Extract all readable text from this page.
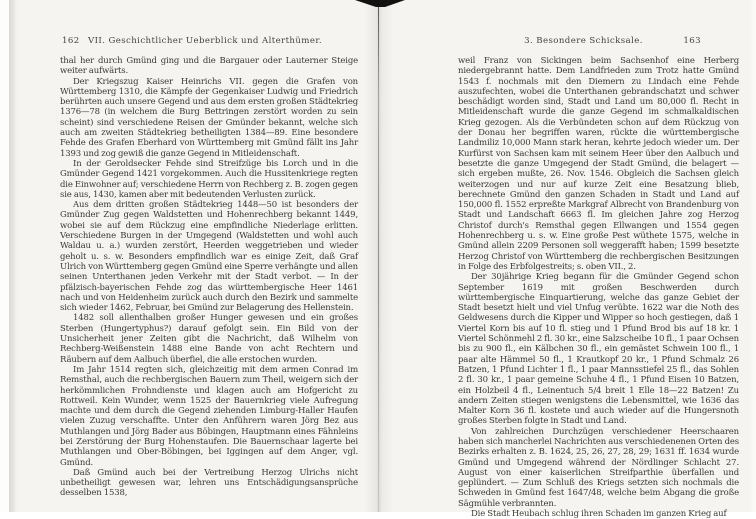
162 VII. Geschichtlicher Ueberblick und Alterthümer.

thal her durch Gmünd ging und die Bargauer oder Lauterner Steige weiter aufwärts.

Der Kriegszug Kaiser Heinrichs VII. gegen die Grafen von Württemberg 1310, die Kämpfe der Gegenkaiser Ludwig und Friedrich berührten auch unsere Gegend und aus dem ersten großen Städtekrieg 1376—78 (in welchem die Burg Bettringen zerstört worden zu sein scheint) sind verschiedene Reisen der Gmünder bekannt, welche sich auch am zweiten Städtekrieg betheiligten 1384—89. Eine besondere Fehde des Grafen Eberhard von Württemberg mit Gmünd fällt ins Jahr 1393 und zog gewiß die ganze Gegend in Mitleidenschaft.

In der Geroldsecker Fehde sind Streifzüge bis Lorch und in die Gmünder Gegend 1421 vorgekommen. Auch die Hussitenkriege regten die Einwohner auf; verschiedene Herrn von Rechberg z. B. zogen gegen sie aus, 1430, kamen aber mit bedeutenden Verlusten zurück.

Aus dem dritten großen Städtekrieg 1448—50 ist besonders der Gmünder Zug gegen Waldstetten und Hohenrechberg bekannt 1449, wobei sie auf dem Rückzug eine empfindliche Niederlage erlitten. Verschiedene Burgen in der Umgegend (Waldstetten und wohl auch Waldau u. a.) wurden zerstört, Heerden weggetrieben und wieder geholt u. s. w. Besonders empfindlich war es einige Zeit, daß Graf Ulrich von Württemberg gegen Gmünd eine Sperre verhängte und allen seinen Unterthanen jeden Verkehr mit der Stadt verbot. — In der pfälzisch-bayerischen Fehde zog das württembergische Heer 1461 nach und von Heidenheim zurück auch durch den Bezirk und sammelte sich wieder 1462, Februar, bei Gmünd zur Belagerung des Hellenstein.

1482 soll allenthalben großer Hunger gewesen und ein großes Sterben (Hungertyphus?) darauf gefolgt sein. Ein Bild von der Unsicherheit jener Zeiten gibt die Nachricht, daß Wilhelm von Rechberg-Weißenstein 1488 eine Bande von acht Rechtern und Räubern auf dem Aalbuch überfiel, die alle erstochen wurden.

Im Jahr 1514 regten sich, gleichzeitig mit dem armen Conrad im Remsthal, auch die rechbergischen Bauern zum Theil, weigern sich der herkömmlichen Frohndienste und klagen auch am Hofgericht zu Rottweil. Kein Wunder, wenn 1525 der Bauernkrieg viele Aufregung machte und dem durch die Gegend ziehenden Limburg-Haller Haufen vielen Zuzug verschaffte. Unter den Anführern waren Jörg Bez aus Muthlangen und Jörg Bader aus Böbingen, Hauptmann eines Fähnleins bei Zerstörung der Burg Hohenstaufen. Die Bauernschaar lagerte bei Muthlangen und Ober-Böbingen, bei Iggingen auf dem Anger, vgl. Gmünd.

Daß Gmünd auch bei der Vertreibung Herzog Ulrichs nicht unbetheiligt gewesen war, lehren uns Entschädigungsansprüche desselben 1538,

3. Besondere Schicksale.	163

weil Franz von Sickingen beim Sachsenhof eine Herberg niedergebrannt hatte. Dem Landfrieden zum Trotz hatte Gmünd 1543 f. nochmals mit den Diemern zu Lindach eine Fehde auszufechten, wobei die Unterthanen gebrandschatzt und schwer beschädigt worden sind, Stadt und Land um 80,000 fl. Recht in Mitleidenschaft wurde die ganze Gegend im schmalkaldischen Krieg gezogen. Als die Verbündeten schon auf dem Rückzug von der Donau her begriffen waren, rückte die württembergische Landmiliz 10,000 Mann stark heran, kehrte jedoch wieder um. Der Kurfürst von Sachsen kam mit seinem Heer über den Aalbuch und besetzte die ganze Umgegend der Stadt Gmünd, die belagert — sich ergeben mußte, 26. Nov. 1546. Obgleich die Sachsen gleich weiterzogen und nur auf kurze Zeit eine Besatzung blieb, berechnete Gmünd den ganzen Schaden in Stadt und Land auf 150,000 fl. 1552 erpreßte Markgraf Albrecht von Brandenburg von Stadt und Landschaft 6663 fl. Im gleichen Jahre zog Herzog Christof durch's Remsthal gegen Ellwangen und 1554 gegen Hohenrechberg u. s. w. Eine große Pest wüthete 1575, welche in Gmünd allein 2209 Personen soll weggerafft haben; 1599 besetzte Herzog Christof von Württemberg die rechbergischen Besitzungen in Folge des Erbfolgestreits; s. oben VII., 2.

Der 30jährige Krieg begann für die Gmünder Gegend schon September 1619 mit großen Beschwerden durch württembergische Einquartierung, welche das ganze Gebiet der Stadt besetzt hielt und viel Unfug verübte. 1622 war die Noth des Geldwesens durch die Kipper und Wipper so hoch gestiegen, daß 1 Viertel Korn bis auf 10 fl. stieg und 1 Pfund Brod bis auf 18 kr. 1 Viertel Schönmehl 2 fl. 30 kr., eine Salzscheibe 10 fl., 1 paar Ochsen bis zu 900 fl., ein Kälbchen 30 fl., ein gemästet Schwein 100 fl., 1 paar alte Hämmel 50 fl., 1 Krautkopf 20 kr., 1 Pfund Schmalz 26 Batzen, 1 Pfund Lichter 1 fl., 1 paar Mannsstiefel 25 fl., das Sohlen 2 fl. 30 kr., 1 paar gemeine Schuhe 4 fl., 1 Pfund Eisen 10 Batzen, ein Holzbeil 4 fl., Leinentuch 5/4 breit 1 Elle 18—22 Batzen! Zu andern Zeiten stiegen wenigstens die Lebensmittel, wie 1636 das Malter Korn 36 fl. kostete und auch wieder auf die Hungersnoth großes Sterben folgte in Stadt und Land.

Von zahlreichen Durchzügen verschiedener Heerschaaren haben sich mancherlei Nachrichten aus verschiedenenen Orten des Bezirks erhalten z. B. 1624, 25, 26, 27, 28, 29; 1631 ff. 1634 wurde Gmünd und Umgegend während der Nördlinger Schlacht 27. August von einer kaiserlichen Streifparthie überfallen und geplündert. — Zum Schluß des Kriegs setzten sich nochmals die Schweden in Gmünd fest 1647/48, welche beim Abgang die große Sägmühle verbrannten.

Die Stadt Heubach schlug ihren Schaden im ganzen Krieg auf
